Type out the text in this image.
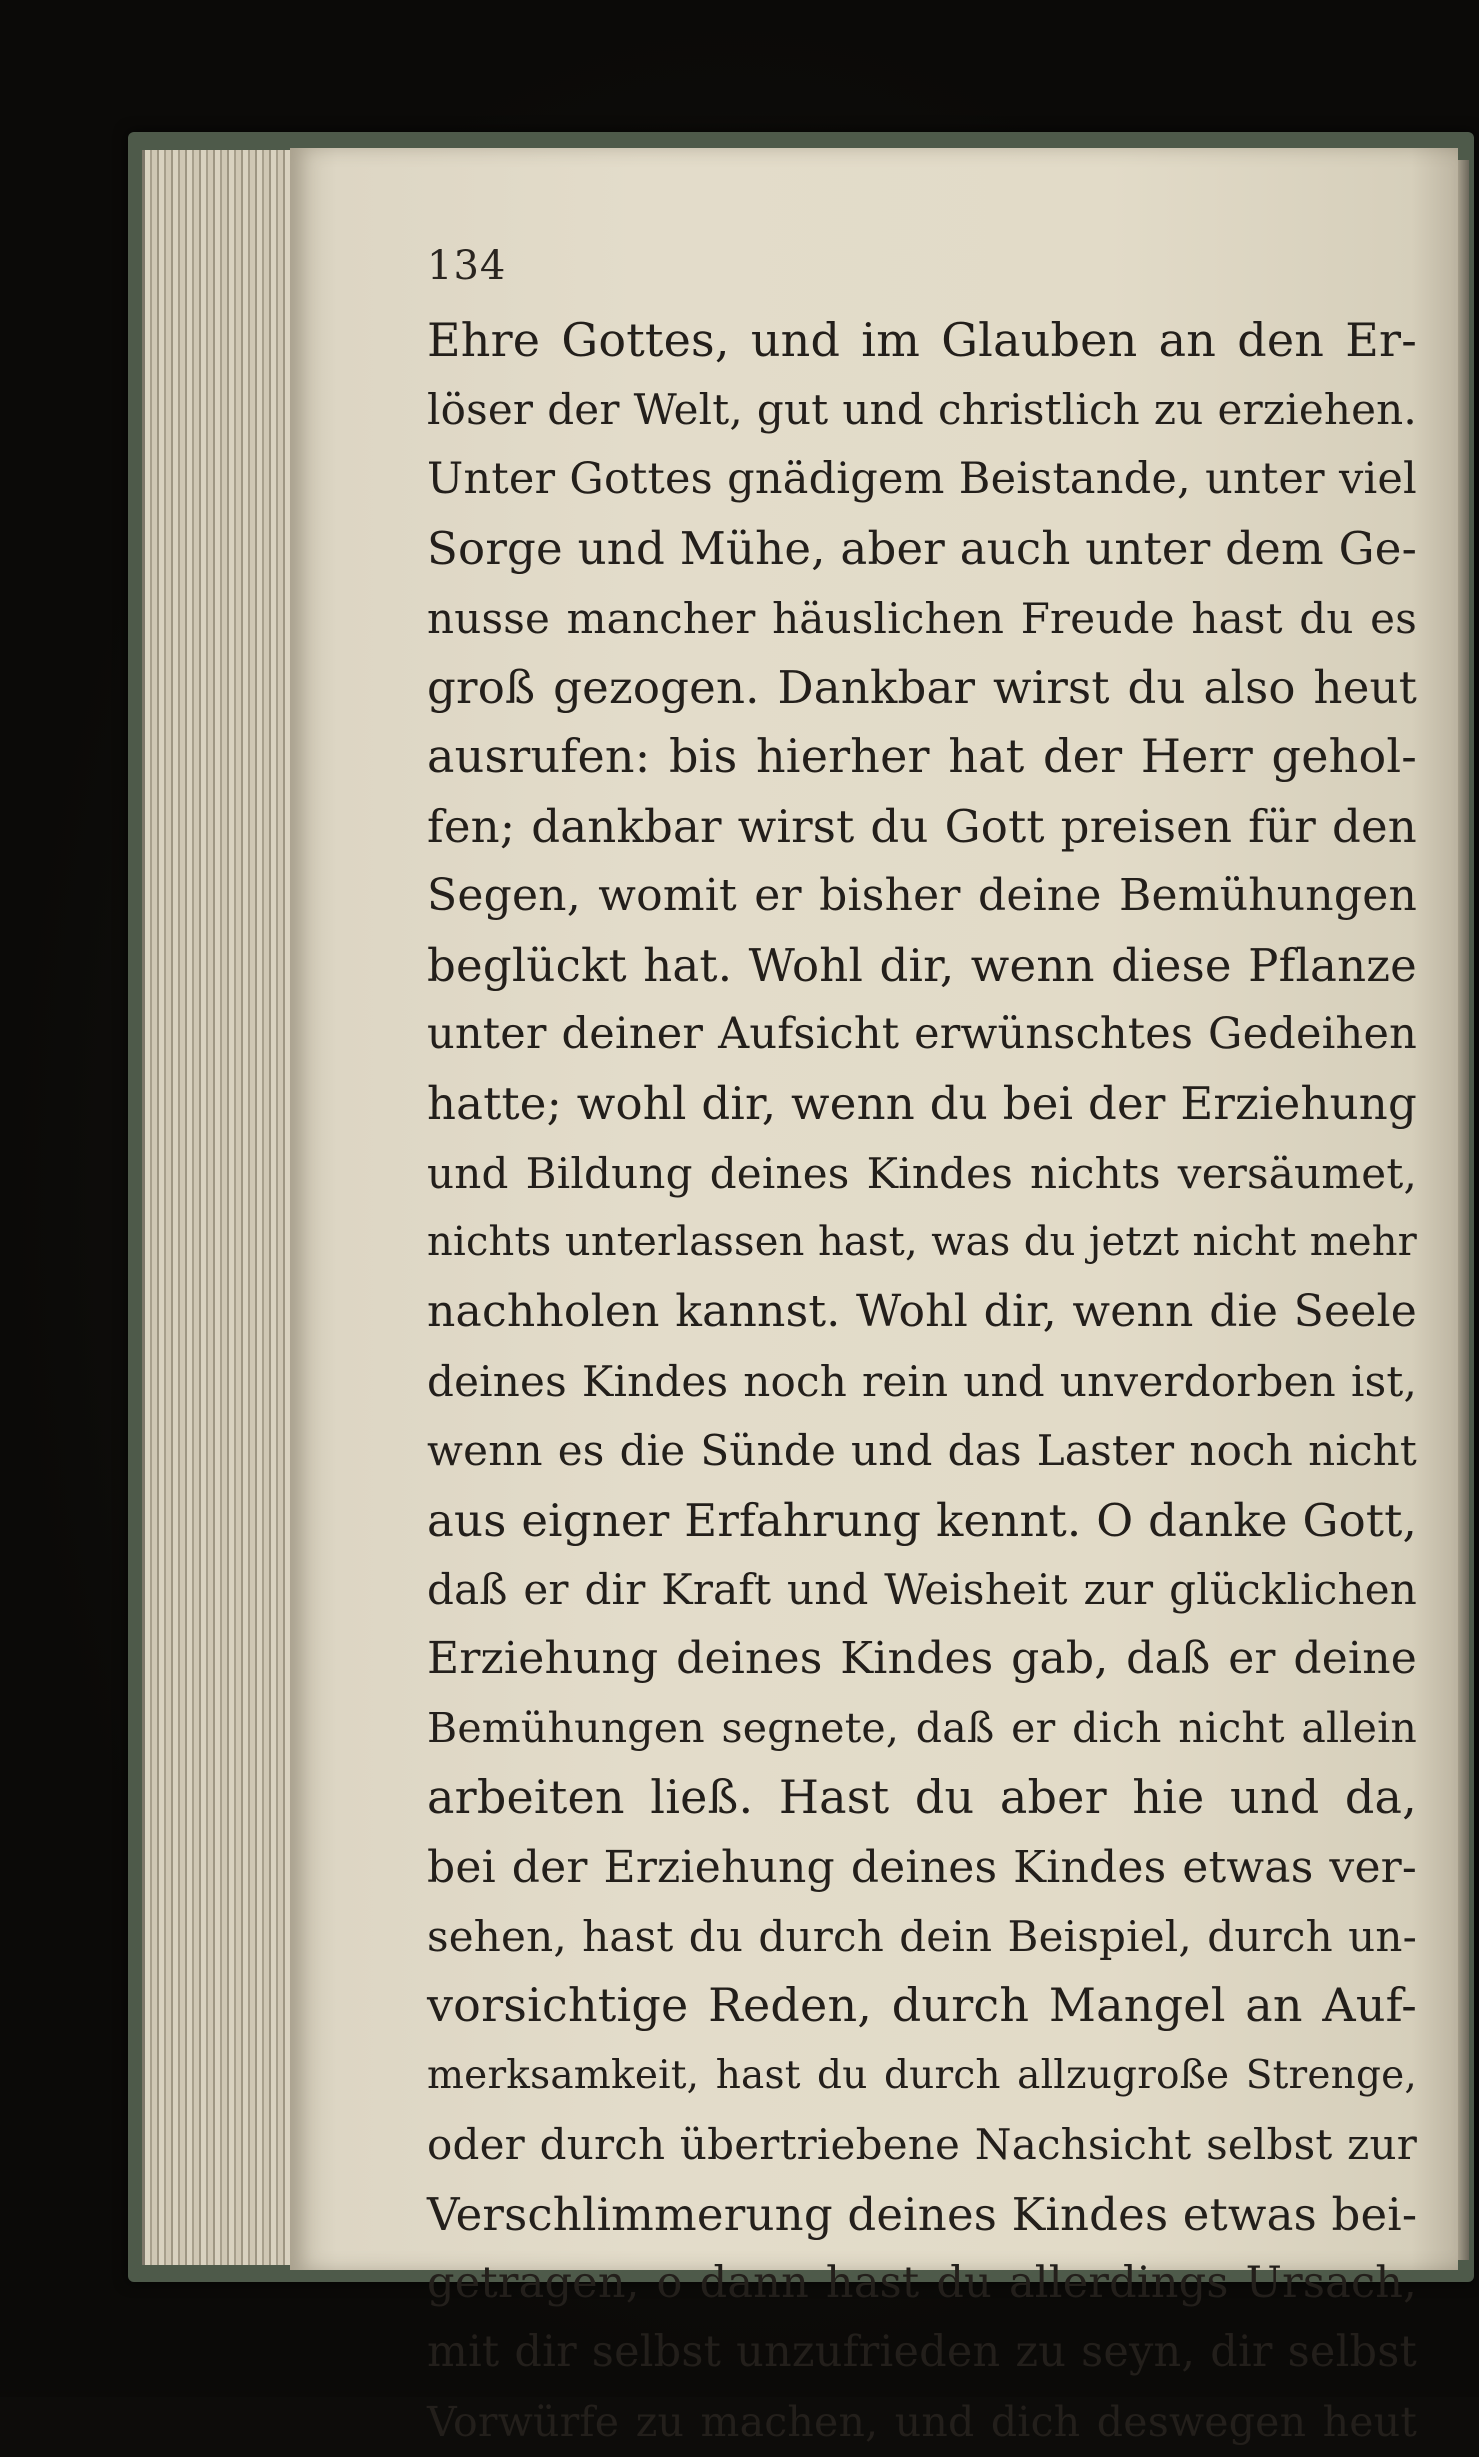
134
Ehre Gottes, und im Glauben an den Er-
löser der Welt, gut und christlich zu erziehen.
Unter Gottes gnädigem Beistande, unter viel
Sorge und Mühe, aber auch unter dem Ge-
nusse mancher häuslichen Freude hast du es
groß gezogen. Dankbar wirst du also heut
ausrufen: bis hierher hat der Herr gehol-
fen; dankbar wirst du Gott preisen für den
Segen, womit er bisher deine Bemühungen
beglückt hat. Wohl dir, wenn diese Pflanze
unter deiner Aufsicht erwünschtes Gedeihen
hatte; wohl dir, wenn du bei der Erziehung
und Bildung deines Kindes nichts versäumet,
nichts unterlassen hast, was du jetzt nicht mehr
nachholen kannst. Wohl dir, wenn die Seele
deines Kindes noch rein und unverdorben ist,
wenn es die Sünde und das Laster noch nicht
aus eigner Erfahrung kennt. O danke Gott,
daß er dir Kraft und Weisheit zur glücklichen
Erziehung deines Kindes gab, daß er deine
Bemühungen segnete, daß er dich nicht allein
arbeiten ließ. Hast du aber hie und da,
bei der Erziehung deines Kindes etwas ver-
sehen, hast du durch dein Beispiel, durch un-
vorsichtige Reden, durch Mangel an Auf-
merksamkeit, hast du durch allzugroße Strenge,
oder durch übertriebene Nachsicht selbst zur
Verschlimmerung deines Kindes etwas bei-
getragen, o dann hast du allerdings Ursach,
mit dir selbst unzufrieden zu seyn, dir selbst
Vorwürfe zu machen, und dich deswegen heut
